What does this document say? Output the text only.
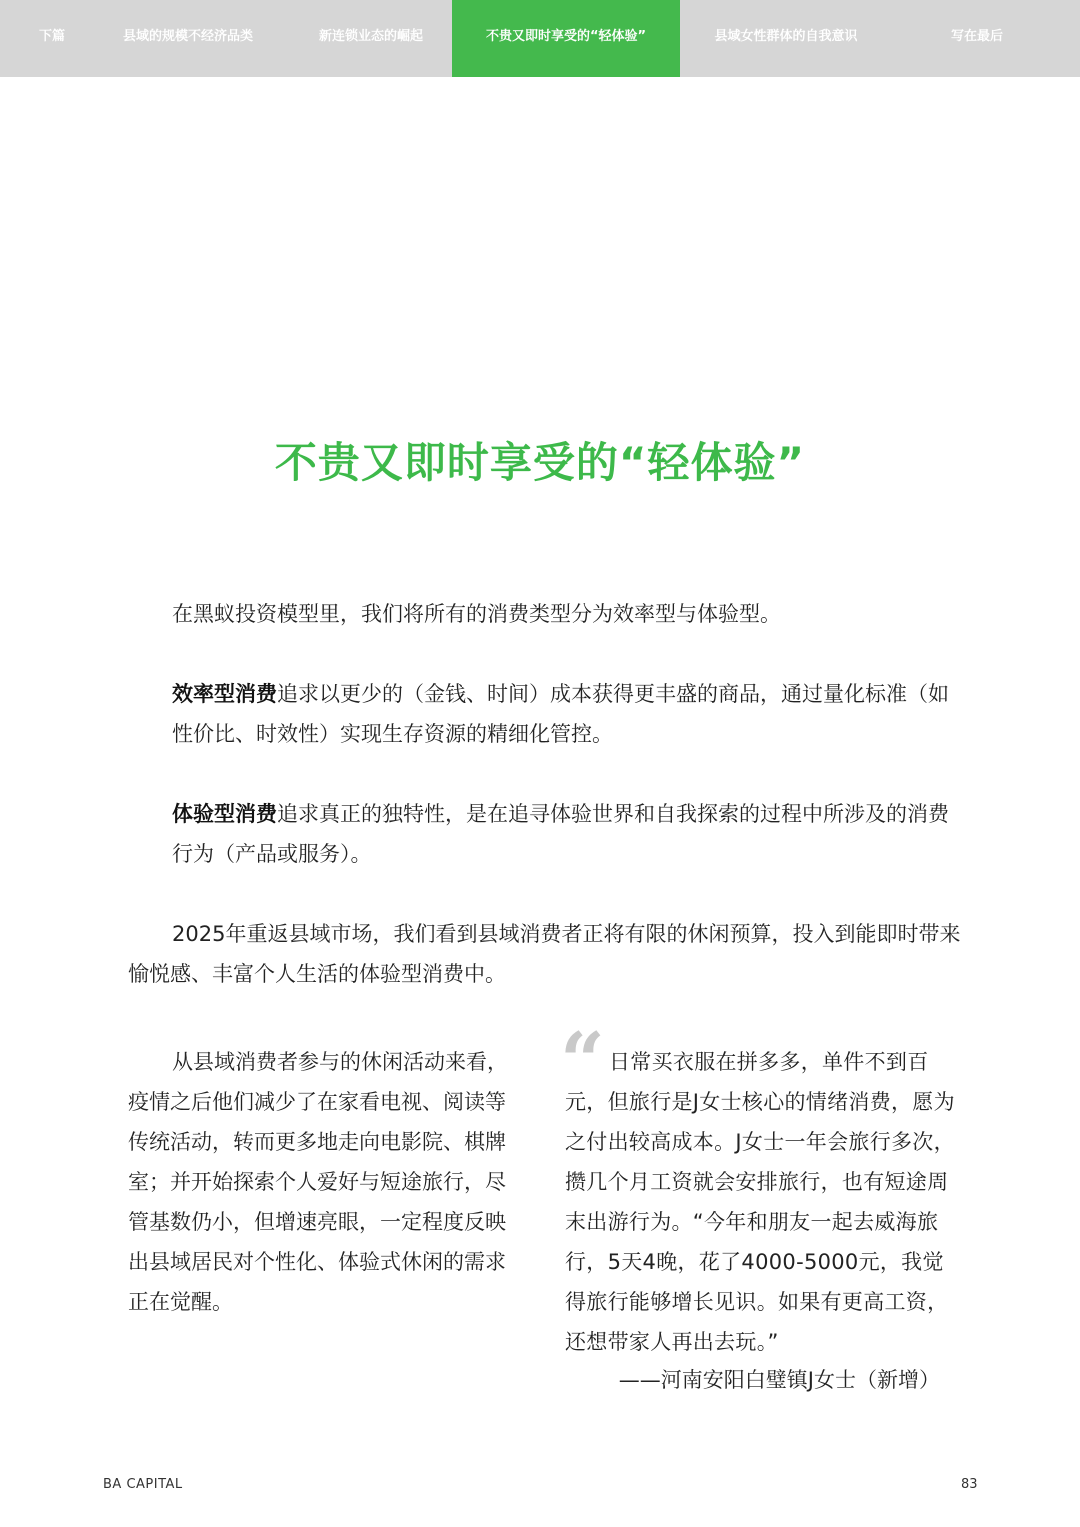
下篇	县域的规模不经济品类	新连锁业态的崛起	不贵又即时享受的“轻体验”	县域女性群体的自我意识	写在最后
不贵又即时享受的“轻体验”

在黑蚁投资模型里，我们将所有的消费类型分为效率型与体验型。

效率型消费追求以更少的（金钱、时间）成本获得更丰盛的商品，通过量化标准（如性价比、时效性）实现生存资源的精细化管控。

体验型消费追求真正的独特性，是在追寻体验世界和自我探索的过程中所涉及的消费行为（产品或服务）。

2025年重返县域市场，我们看到县域消费者正将有限的休闲预算，投入到能即时带来愉悦感、丰富个人生活的体验型消费中。

从县域消费者参与的休闲活动来看，疫情之后他们减少了在家看电视、阅读等传统活动，转而更多地走向电影院、棋牌室；并开始探索个人爱好与短途旅行，尽管基数仍小，但增速亮眼，一定程度反映出县域居民对个性化、体验式休闲的需求正在觉醒。

“ 日常买衣服在拼多多，单件不到百元，但旅行是J女士核心的情绪消费，愿为之付出较高成本。J女士一年会旅行多次，攒几个月工资就会安排旅行，也有短途周末出游行为。“今年和朋友一起去威海旅行，5天4晚，花了4000-5000元，我觉得旅行能够增长见识。如果有更高工资，还想带家人再出去玩。”

——河南安阳白璧镇J女士（新增）
BA CAPITAL	83
